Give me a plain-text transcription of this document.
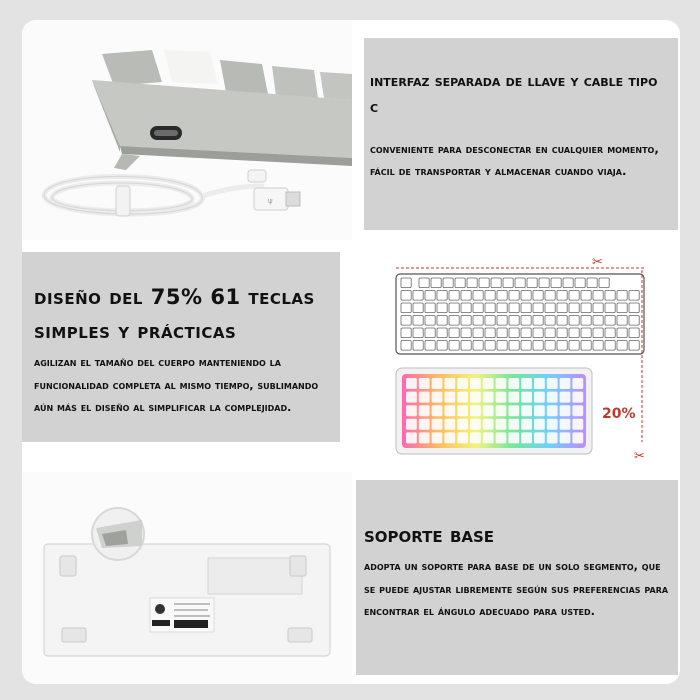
ψ
interfaz separada de llave y cable tipo c
conveniente para desconectar en cualquier momento, fácil de transportar y almacenar cuando viaja.
diseño del 75% 61 teclas simples y prácticas
agilizan el tamaño del cuerpo manteniendo la funcionalidad completa al mismo tiempo, sublimando aún más el diseño al simplificar la complejidad.
✂
✂
20%
soporte base
adopta un soporte para base de un solo segmento, que se puede ajustar libremente según sus preferencias para encontrar el ángulo adecuado para usted.
